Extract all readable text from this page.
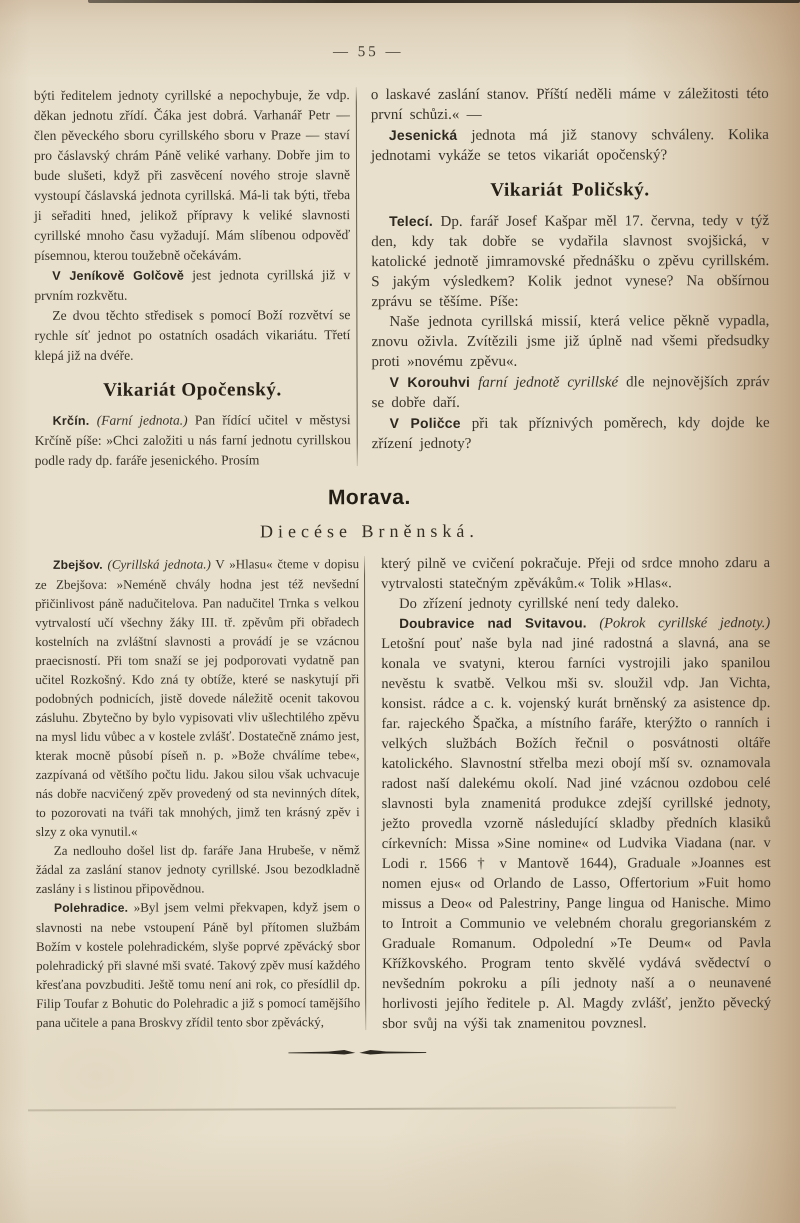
— 55 —

býti ředitelem jednoty cyrillské a nepochybuje, že vdp. děkan jednotu zřídí. Čáka jest dobrá. Varhanář Petr — člen pěveckého sboru cyrillského sboru v Praze — staví pro čáslavský chrám Páně veliké varhany. Dobře jim to bude slušeti, když při zasvěcení nového stroje slavně vystoupí čáslavská jednota cyrillská. Má-li tak býti, třeba ji seřaditi hned, jelikož přípravy k veliké slavnosti cyrillské mnoho času vyžadují. Mám slíbenou odpověď písemnou, kterou toužebně očekávám.

V Jeníkově Golčově jest jednota cyrillská již v prvním rozkvětu.

Ze dvou těchto středisek s pomocí Boží rozvětví se rychle síť jednot po ostatních osadách vikariátu. Třetí klepá již na dvéře.

Vikariát Opočenský.

Krčín. (Farní jednota.) Pan řídící učitel v městysi Krčíně píše: »Chci založiti u nás farní jednotu cyrillskou podle rady dp. faráře jesenického. Prosím

o laskavé zaslání stanov. Příští neděli máme v záležitosti této první schůzi.« —

Jesenická jednota má již stanovy schváleny. Kolika jednotami vykáže se tetos vikariát opočenský?

Vikariát Poličský.

Telecí. Dp. farář Josef Kašpar měl 17. června, tedy v týž den, kdy tak dobře se vydařila slavnost svojšická, v katolické jednotě jimramovské přednášku o zpěvu cyrillském. S jakým výsledkem? Kolik jednot vynese? Na obšírnou zprávu se těšíme. Píše:

Naše jednota cyrillská missií, která velice pěkně vypadla, znovu oživla. Zvítězili jsme již úplně nad všemi předsudky proti »novému zpěvu«.

V Korouhvi farní jednotě cyrillské dle nejnovějších zpráv se dobře daří.

V Poličce při tak příznivých poměrech, kdy dojde ke zřízení jednoty?

Morava.
Diecése Brněnská.

Zbejšov. (Cyrillská jednota.) V »Hlasu« čteme v dopisu ze Zbejšova: »Neméně chvály hodna jest též nevšední přičinlivost páně nadučitelova. Pan nadučitel Trnka s velkou vytrvalostí učí všechny žáky III. tř. zpěvům při obřadech kostelních na zvláštní slavnosti a provádí je se vzácnou praecisností. Při tom snaží se jej podporovati vydatně pan učitel Rozkošný. Kdo zná ty obtíže, které se naskytují při podobných podnicích, jistě dovede náležitě ocenit takovou zásluhu. Zbytečno by bylo vypisovati vliv ušlechtilého zpěvu na mysl lidu vůbec a v kostele zvlášť. Dostatečně známo jest, kterak mocně působí píseň n. p. »Bože chválíme tebe«, zazpívaná od většího počtu lidu. Jakou silou však uchvacuje nás dobře nacvičený zpěv provedený od sta nevinných dítek, to pozorovati na tváři tak mnohých, jimž ten krásný zpěv i slzy z oka vynutil.«

Za nedlouho došel list dp. faráře Jana Hrubeše, v němž žádal za zaslání stanov jednoty cyrillské. Jsou bezodkladně zaslány i s listinou připovědnou.

Polehradice. »Byl jsem velmi překvapen, když jsem o slavnosti na nebe vstoupení Páně byl přítomen službám Božím v kostele polehradickém, slyše poprvé zpěvácký sbor polehradický při slavné mši svaté. Takový zpěv musí každého křesťana povzbuditi. Ještě tomu není ani rok, co přesídlil dp. Filip Toufar z Bohutic do Polehradic a již s pomocí tamějšího pana učitele a pana Broskvy zřídil tento sbor zpěvácký,

který pilně ve cvičení pokračuje. Přeji od srdce mnoho zdaru a vytrvalosti statečným zpěvákům.« Tolik »Hlas«.

Do zřízení jednoty cyrillské není tedy daleko.

Doubravice nad Svitavou. (Pokrok cyrillské jednoty.) Letošní pouť naše byla nad jiné radostná a slavná, ana se konala ve svatyni, kterou farníci vystrojili jako spanilou nevěstu k svatbě. Velkou mši sv. sloužil vdp. Jan Vichta, konsist. rádce a c. k. vojenský kurát brněnský za asistence dp. far. rajeckého Špačka, a místního faráře, kterýžto o ranních i velkých službách Božích řečnil o posvátnosti oltáře katolického. Slavnostní střelba mezi obojí mší sv. oznamovala radost naší dalekému okolí. Nad jiné vzácnou ozdobou celé slavnosti byla znamenitá produkce zdejší cyrillské jednoty, ježto provedla vzorně následující skladby předních klasiků církevních: Missa »Sine nomine« od Ludvika Viadana (nar. v Lodi r. 1566 † v Mantově 1644), Graduale »Joannes est nomen ejus« od Orlando de Lasso, Offertorium »Fuit homo missus a Deo« od Palestriny, Pange lingua od Hanische. Mimo to Introit a Communio ve velebném choralu gregorianském z Graduale Romanum. Odpolední »Te Deum« od Pavla Křížkovského. Program tento skvělé vydává svědectví o nevšedním pokroku a píli jednoty naší a o neunavené horlivosti jejího ředitele p. Al. Magdy zvlášť, jenžto pěvecký sbor svůj na výši tak znamenitou povznesl.
